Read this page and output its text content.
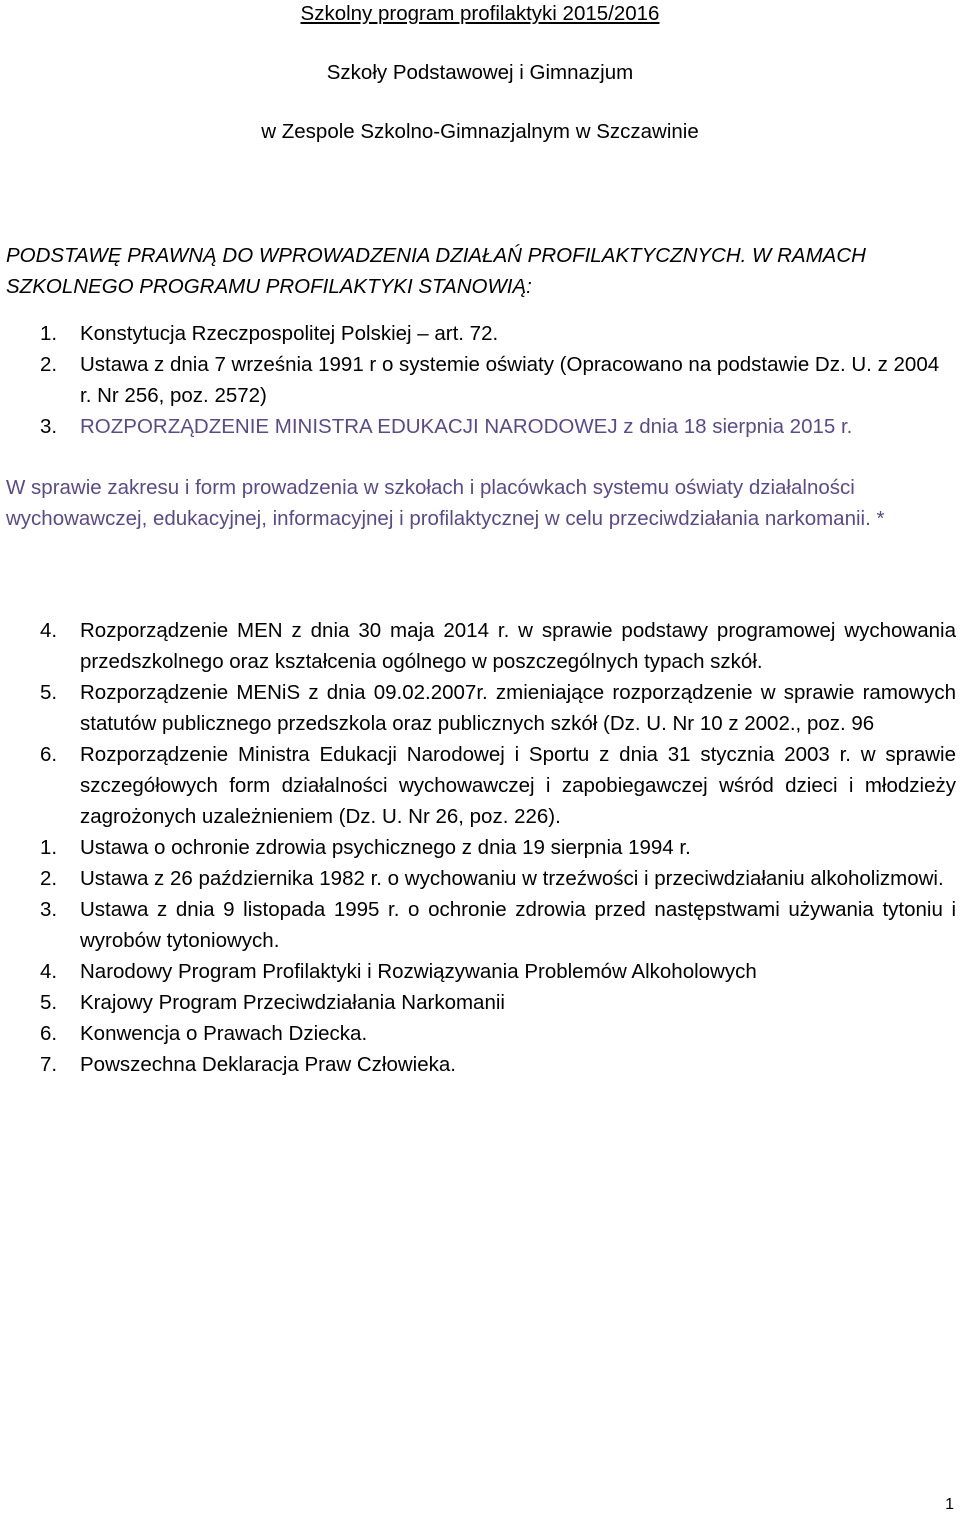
Szkolny program profilaktyki 2015/2016
Szkoły Podstawowej i Gimnazjum
w Zespole Szkolno-Gimnazjalnym w Szczawinie
PODSTAWĘ PRAWNĄ DO WPROWADZENIA DZIAŁAŃ PROFILAKTYCZNYCH. W RAMACH SZKOLNEGO PROGRAMU PROFILAKTYKI STANOWIĄ:
1. Konstytucja Rzeczpospolitej Polskiej – art. 72.
2. Ustawa z dnia 7 września 1991 r o systemie oświaty (Opracowano na podstawie Dz. U. z 2004 r. Nr 256, poz. 2572)
3. ROZPORZĄDZENIE MINISTRA EDUKACJI NARODOWEJ z dnia 18 sierpnia 2015 r.
W sprawie zakresu i form prowadzenia w szkołach i placówkach systemu oświaty działalności wychowawczej, edukacyjnej, informacyjnej i profilaktycznej w celu przeciwdziałania narkomanii. *
4. Rozporządzenie MEN z dnia 30 maja 2014 r. w sprawie podstawy programowej wychowania przedszkolnego oraz kształcenia ogólnego w poszczególnych typach szkół.
5. Rozporządzenie MENiS z dnia 09.02.2007r. zmieniające rozporządzenie w sprawie ramowych statutów publicznego przedszkola oraz publicznych szkół (Dz. U. Nr 10 z 2002., poz. 96
6. Rozporządzenie Ministra Edukacji Narodowej i Sportu z dnia 31 stycznia 2003 r. w sprawie szczegółowych form działalności wychowawczej i zapobiegawczej wśród dzieci i młodzieży zagrożonych uzależnieniem (Dz. U. Nr 26, poz. 226).
1. Ustawa o ochronie zdrowia psychicznego z dnia 19 sierpnia 1994 r.
2. Ustawa z 26 października 1982 r. o wychowaniu w trzeźwości i przeciwdziałaniu alkoholizmowi.
3. Ustawa z dnia 9 listopada 1995 r. o ochronie zdrowia przed następstwami używania tytoniu i wyrobów tytoniowych.
4. Narodowy Program Profilaktyki i Rozwiązywania Problemów Alkoholowych
5. Krajowy Program Przeciwdziałania Narkomanii
6. Konwencja o Prawach Dziecka.
7. Powszechna Deklaracja Praw Człowieka.
1
